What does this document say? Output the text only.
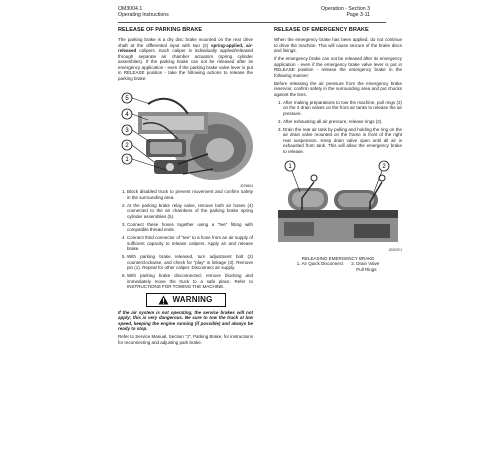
OM3004.1
Operating Instructions
Operation - Section 3
Page 3-11
RELEASE OF PARKING BRAKE
The parking brake is a dry disc brake mounted on the rear drive shaft at the differential input with two (2) spring-applied, air-released calipers. Each caliper is individually applied/released through separate air chamber actuators (spring cylinder assemblies). If the parking brake can not be released after its emergency application - even if the parking brake valve lever is put in RELEASE position - take the following actions to release the parking brake:
5
4
3
2
1
J075604
1. Block disabled truck to prevent movement and confirm safety in the surrounding area.
2. At the parking brake relay valve, remove both air hoses (4) connected to the air chambers of the parking brake spring cylinder assemblies (5).
3. Connect these hoses together using a "tee" fitting with compatible thread ends.
4. Connect third connector of "tee" to a hose from an air supply of sufficient capacity to release calipers. Apply air and release brake.
5. With parking brake released, turn adjustment bolt (2) counterclockwise, and check for "play" in linkage (3). Remove pin (1). Repeat for other caliper. Disconnect air supply.
6. With parking brake disconnected, remove blocking and immediately move the truck to a safe place. Refer to INSTRUCTIONS FOR TOWING THE MACHINE.
WARNING
If the air system is not operating, the service brakes will not apply; this is very dangerous. Be sure to tow the truck at low speed, keeping the engine running (if possible) and always be ready to stop.
Refer to Service Manual, Section "J", Parking Brake, for instructions for reconnecting and adjusting park brake.
RELEASE OF EMERGENCY BRAKE
When the emergency brake has been applied, do not continue to drive the machine. This will cause seizure of the brake discs and linings.
If the emergency brake can not be released after its emergency application - even if the emergency brake valve lever is put in RELEASE position - release the emergency brake in the following manner:
Before releasing the air pressure from the emergency brake reservoir, confirm safety in the surrounding area and put chocks against the tires.
1. After making preparations to tow the machine, pull rings (2) on the 4 drain valves on the front air tanks to release the air pressure.
2. After exhausting all air pressure, release rings (2).
3. Drain the rear air tank by pulling and holding the ring on the air drain valve mounted on the frame in front of the right rear suspension. Keep drain valve open until all air is exhausted from tank. This will allow the emergency brake to release.
1	2
J2003Y1
RELEASING EMERGENCY BRAKE
1. Air Quick Disconnect 2. Drain Valve
Pull Rings
